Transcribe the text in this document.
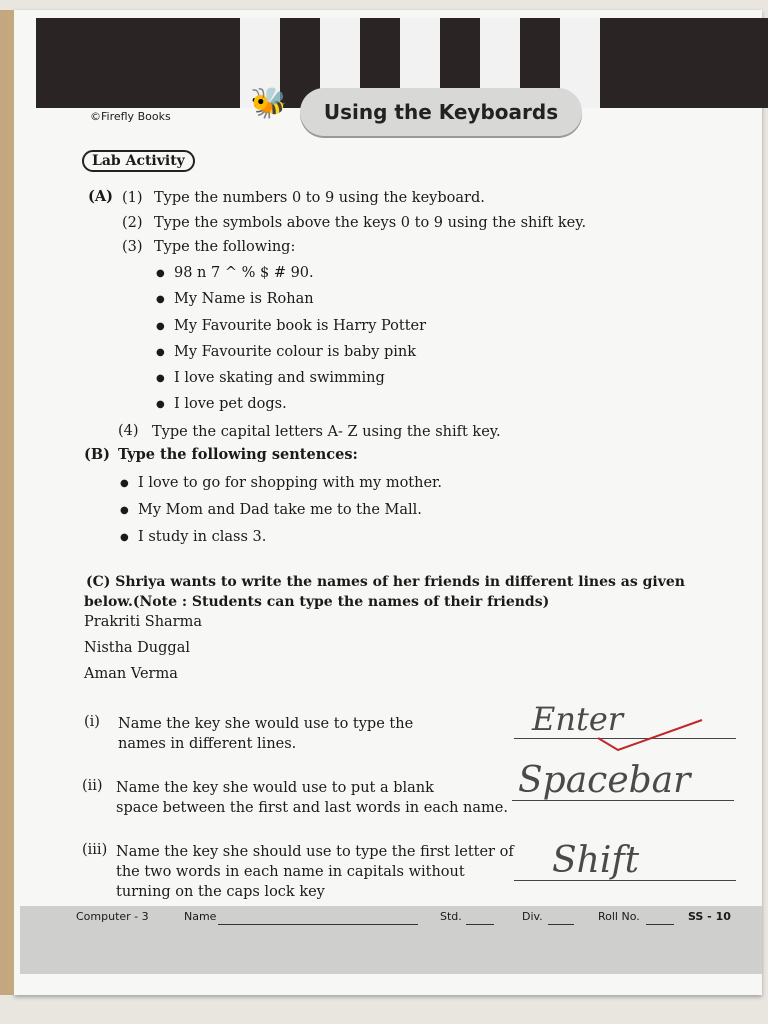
🐝 Using the Keyboards
©Firefly Books
Lab Activity
(A) (1) Type the numbers 0 to 9 using the keyboard.
(2) Type the symbols above the keys 0 to 9 using the shift key.
(3) Type the following:
● 98 n 7 ^ % $ # 90.
● My Name is Rohan
● My Favourite book is Harry Potter
● My Favourite colour is baby pink
● I love skating and swimming
● I love pet dogs.
(4) Type the capital letters A- Z using the shift key.
(B) Type the following sentences:
● I love to go for shopping with my mother.
● My Mom and Dad take me to the Mall.
● I study in class 3.
(C) Shriya wants to write the names of her friends in different lines as given
below.(Note : Students can type the names of their friends)
Prakriti Sharma
Nistha Duggal
Aman Verma
(i) Name the key she would use to type the
names in different lines.
Enter
(ii) Name the key she would use to put a blank
space between the first and last words in each name.
Spacebar
(iii) Name the key she should use to type the first letter of
the two words in each name in capitals without
turning on the caps lock key
Shift
Computer - 3	Name	Std.	Div.	Roll No.	SS - 10
